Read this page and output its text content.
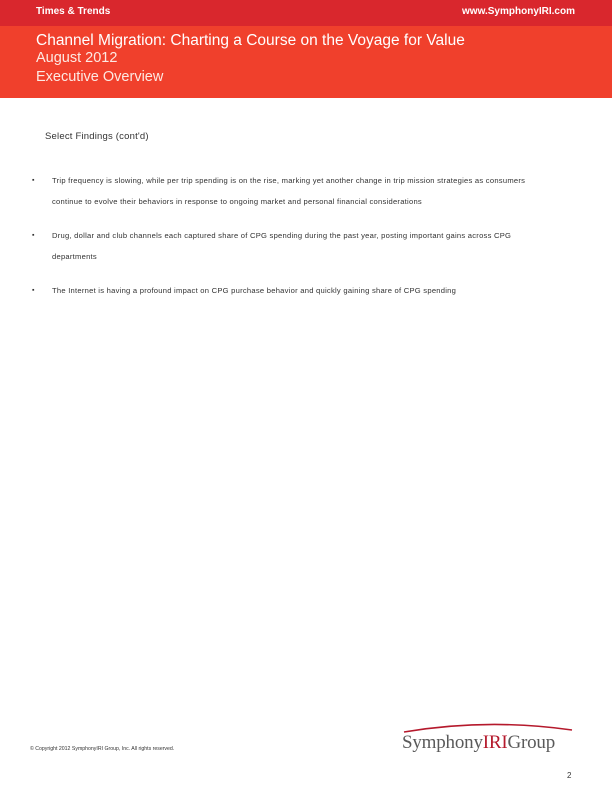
Times & Trends	www.SymphonyIRI.com
Channel Migration: Charting a Course on the Voyage for Value
August 2012
Executive Overview
Select Findings (cont'd)
▪ Trip frequency is slowing, while per trip spending is on the rise, marking yet another change in trip mission strategies as consumers continue to evolve their behaviors in response to ongoing market and personal financial considerations
▪ Drug, dollar and club channels each captured share of CPG spending during the past year, posting important gains across CPG departments
▪ The Internet is having a profound impact on CPG purchase behavior and quickly gaining share of CPG spending
© Copyright 2012 SymphonyIRI Group, Inc. All rights reserved.	SymphonyIRIGroup
2
